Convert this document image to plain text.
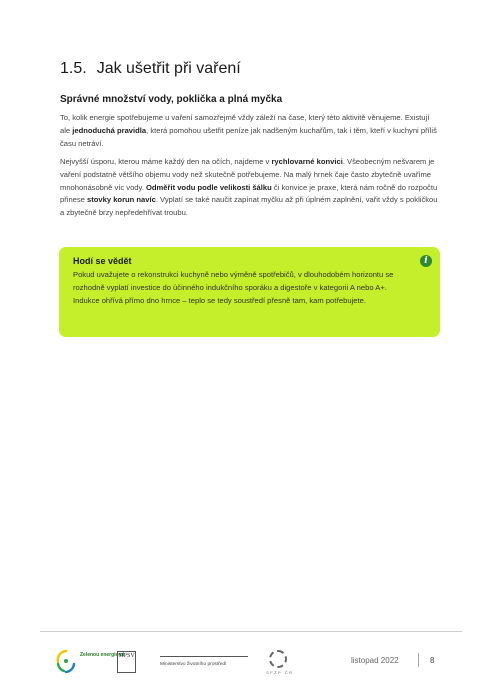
1.5. Jak ušetřit při vaření
Správné množství vody, poklička a plná myčka
To, kolik energie spotřebujeme u vaření samozřejmě vždy záleží na čase, který této aktivitě věnujeme. Existují ale jednoduchá pravidla, která pomohou ušetřit peníze jak nadšeným kuchařům, tak i těm, kteří v kuchyni příliš času netráví.
Nejvyšší úsporu, kterou máme každý den na očích, najdeme v rychlovarné konvici. Všeobecným nešvarem je vaření podstatně většího objemu vody než skutečně potřebujeme. Na malý hrnek čaje často zbytečně uvaříme mnohonásobně víc vody. Odměřit vodu podle velikosti šálku či konvice je praxe, která nám ročně do rozpočtu přinese stovky korun navíc. Vyplatí se také naučit zapínat myčku až při úplném zaplnění, vařit vždy s pokličkou a zbytečně brzy nepředehřívat troubu.
Hodí se vědět	i
Pokud uvažujete o rekonstrukci kuchyně nebo výměně spotřebičů, v dlouhodobém horizontu se rozhodně vyplatí investice do účinného indukčního sporáku a digestoře v kategorii A nebo A+. Indukce ohřívá přímo dno hrnce – teplo se tedy soustředí přesně tam, kam potřebujete.
Zelenou energiemi
MPSV
Ministerstvo životního prostředí
SFŽP ČR
listopad 2022	8
